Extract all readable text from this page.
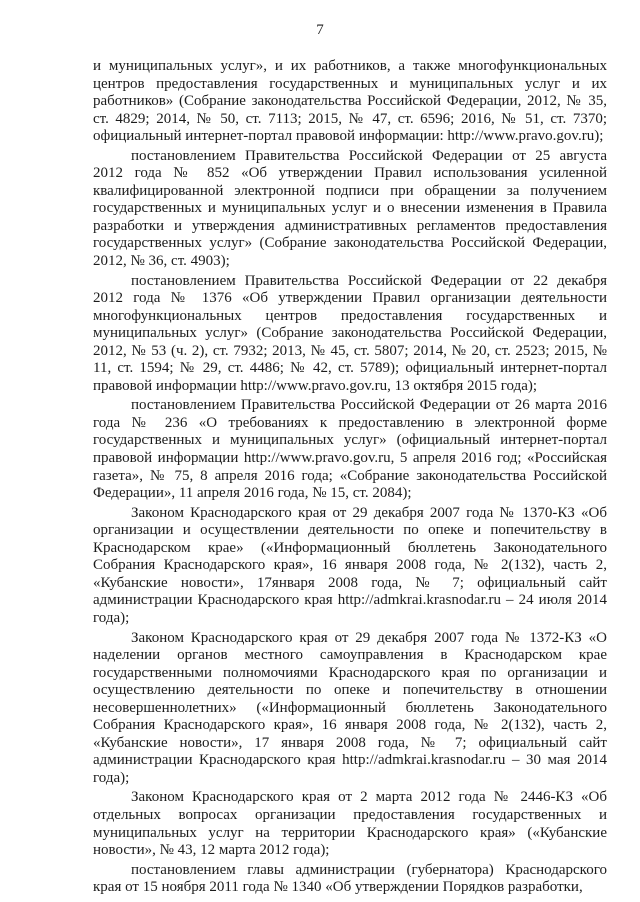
7

и муниципальных услуг», и их работников, а также многофункциональных центров предоставления государственных и муниципальных услуг и их работников» (Собрание законодательства Российской Федерации, 2012, № 35, ст. 4829; 2014, № 50, ст. 7113; 2015, № 47, ст. 6596; 2016, № 51, ст. 7370; официальный интернет-портал правовой информации: http://www.pravo.gov.ru);

постановлением Правительства Российской Федерации от 25 августа 2012 года № 852 «Об утверждении Правил использования усиленной квалифицированной электронной подписи при обращении за получением государственных и муниципальных услуг и о внесении изменения в Правила разработки и утверждения административных регламентов предоставления государственных услуг» (Собрание законодательства Российской Федерации, 2012, № 36, ст. 4903);

постановлением Правительства Российской Федерации от 22 декабря 2012 года № 1376 «Об утверждении Правил организации деятельности многофункциональных центров предоставления государственных и муниципальных услуг» (Собрание законодательства Российской Федерации, 2012, № 53 (ч. 2), ст. 7932; 2013, № 45, ст. 5807; 2014, № 20, ст. 2523; 2015, № 11, ст. 1594; № 29, ст. 4486; № 42, ст. 5789); официальный интернет-портал правовой информации http://www.pravo.gov.ru, 13 октября 2015 года);

постановлением Правительства Российской Федерации от 26 марта 2016 года № 236 «О требованиях к предоставлению в электронной форме государственных и муниципальных услуг» (официальный интернет-портал правовой информации http://www.pravo.gov.ru, 5 апреля 2016 год; «Российская газета», № 75, 8 апреля 2016 года; «Собрание законодательства Российской Федерации», 11 апреля 2016 года, № 15, ст. 2084);

Законом Краснодарского края от 29 декабря 2007 года № 1370-КЗ «Об организации и осуществлении деятельности по опеке и попечительству в Краснодарском крае» («Информационный бюллетень Законодательного Собрания Краснодарского края», 16 января 2008 года, № 2(132), часть 2, «Кубанские новости», 17января 2008 года, № 7; официальный сайт администрации Краснодарского края http://admkrai.krasnodar.ru – 24 июля 2014 года);

Законом Краснодарского края от 29 декабря 2007 года № 1372-КЗ «О наделении органов местного самоуправления в Краснодарском крае государственными полномочиями Краснодарского края по организации и осуществлению деятельности по опеке и попечительству в отношении несовершеннолетних» («Информационный бюллетень Законодательного Собрания Краснодарского края», 16 января 2008 года, № 2(132), часть 2, «Кубанские новости», 17 января 2008 года, № 7; официальный сайт администрации Краснодарского края http://admkrai.krasnodar.ru – 30 мая 2014 года);

Законом Краснодарского края от 2 марта 2012 года № 2446-КЗ «Об отдельных вопросах организации предоставления государственных и муниципальных услуг на территории Краснодарского края» («Кубанские новости», № 43, 12 марта 2012 года);

постановлением главы администрации (губернатора) Краснодарского края от 15 ноября 2011 года № 1340 «Об утверждении Порядков разработки,
